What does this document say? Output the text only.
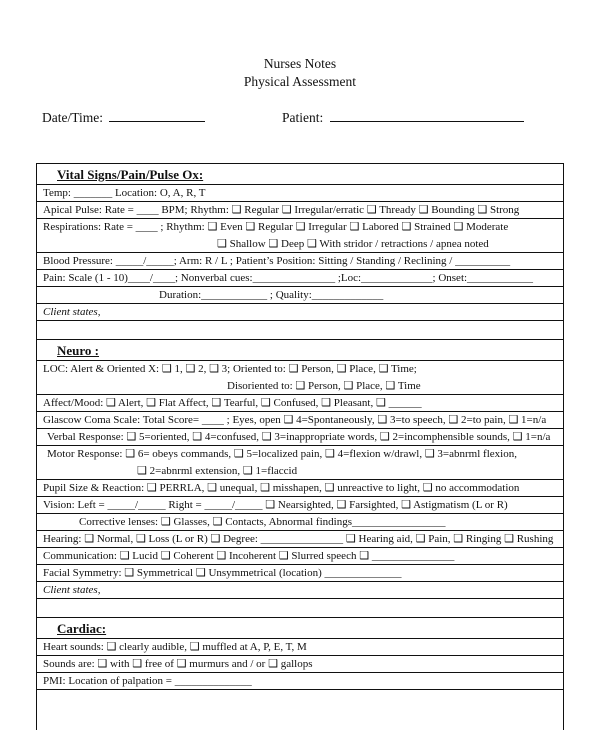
Nurses Notes
Physical Assessment
Date/Time:	Patient:
Vital Signs/Pain/Pulse Ox:
Temp: _______ Location: O, A, R, T
Apical Pulse: Rate = ____ BPM; Rhythm: ❑ Regular ❑ Irregular/erratic ❑ Thready ❑ Bounding ❑ Strong
Respirations: Rate = ____ ; Rhythm: ❑ Even ❑ Regular ❑ Irregular ❑ Labored ❑ Strained ❑ Moderate
❑ Shallow ❑ Deep ❑ With stridor / retractions / apnea noted
Blood Pressure: _____/_____; Arm: R / L ; Patient’s Position: Sitting / Standing / Reclining / __________
Pain: Scale (1 - 10)____/____; Nonverbal cues:_______________ ;Loc:_____________; Onset:____________
Duration:____________ ; Quality:_____________
Client states,
Neuro :
LOC: Alert & Oriented X: ❑ 1, ❑ 2, ❑ 3; Oriented to: ❑ Person, ❑ Place, ❑ Time;
Disoriented to: ❑ Person, ❑ Place, ❑ Time
Affect/Mood: ❑ Alert, ❑ Flat Affect, ❑ Tearful, ❑ Confused, ❑ Pleasant, ❑ ______
Glascow Coma Scale: Total Score= ____ ; Eyes, open ❑ 4=Spontaneously, ❑ 3=to speech, ❑ 2=to pain, ❑ 1=n/a
Verbal Response: ❑ 5=oriented, ❑ 4=confused, ❑ 3=inappropriate words, ❑ 2=incomphensible sounds, ❑ 1=n/a
Motor Response: ❑ 6= obeys commands, ❑ 5=localized pain, ❑ 4=flexion w/drawl, ❑ 3=abnrml flexion,
❑ 2=abnrml extension, ❑ 1=flaccid
Pupil Size & Reaction: ❑ PERRLA, ❑ unequal, ❑ misshapen, ❑ unreactive to light, ❑ no accommodation
Vision: Left = _____/_____ Right = _____/_____ ❑ Nearsighted, ❑ Farsighted, ❑ Astigmatism (L or R)
Corrective lenses: ❑ Glasses, ❑ Contacts, Abnormal findings_________________
Hearing: ❑ Normal, ❑ Loss (L or R) ❑ Degree: _______________ ❑ Hearing aid, ❑ Pain, ❑ Ringing ❑ Rushing
Communication: ❑ Lucid ❑ Coherent ❑ Incoherent ❑ Slurred speech ❑ _______________
Facial Symmetry: ❑ Symmetrical ❑ Unsymmetrical (location) ______________
Client states,
Cardiac:
Heart sounds: ❑ clearly audible, ❑ muffled at A, P, E, T, M
Sounds are: ❑ with ❑ free of ❑ murmurs and / or ❑ gallops
PMI: Location of palpation = ______________
